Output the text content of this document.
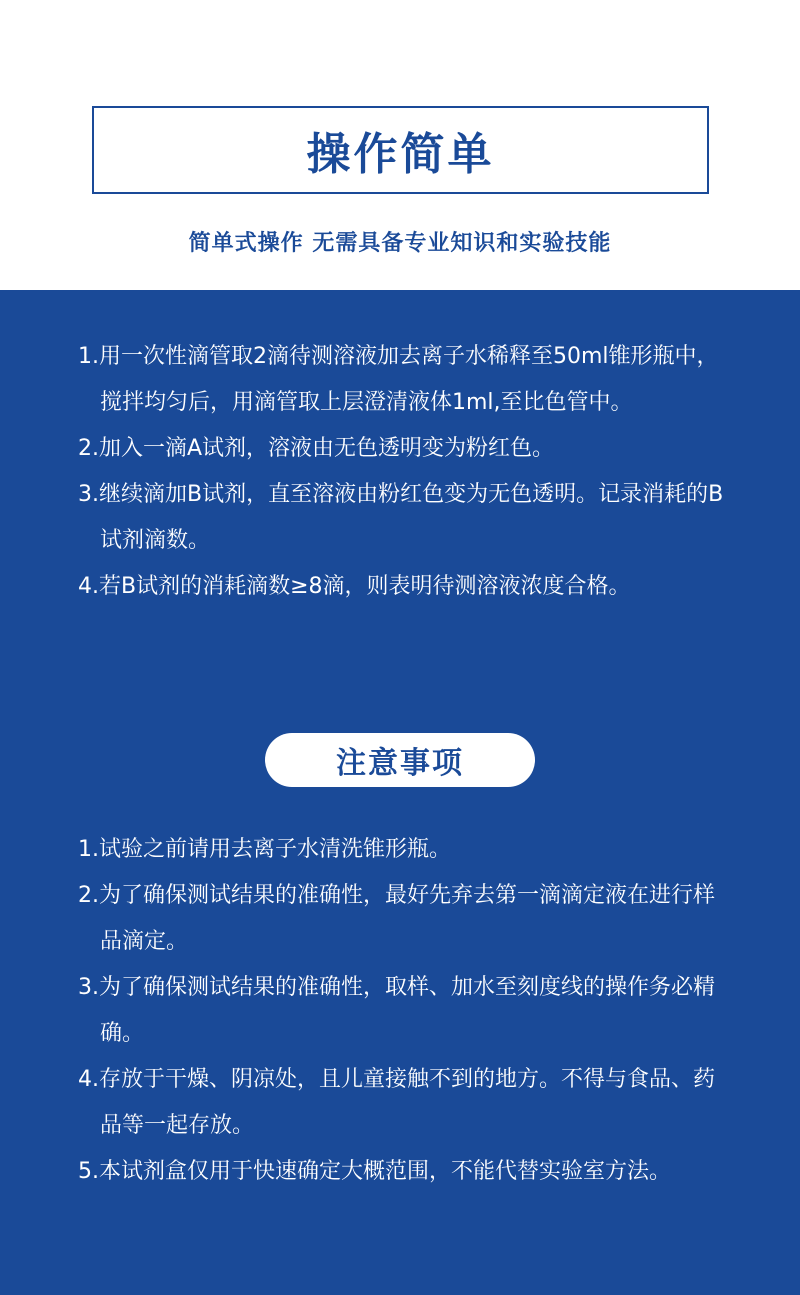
操作简单
简单式操作 无需具备专业知识和实验技能
1.用一次性滴管取2滴待测溶液加去离子水稀释至50ml锥形瓶中，搅拌均匀后，用滴管取上层澄清液体1ml,至比色管中。
2.加入一滴A试剂，溶液由无色透明变为粉红色。
3.继续滴加B试剂，直至溶液由粉红色变为无色透明。记录消耗的B试剂滴数。
4.若B试剂的消耗滴数≥8滴，则表明待测溶液浓度合格。
注意事项
1.试验之前请用去离子水清洗锥形瓶。
2.为了确保测试结果的准确性，最好先弃去第一滴滴定液在进行样品滴定。
3.为了确保测试结果的准确性，取样、加水至刻度线的操作务必精确。
4.存放于干燥、阴凉处，且儿童接触不到的地方。不得与食品、药品等一起存放。
5.本试剂盒仅用于快速确定大概范围，不能代替实验室方法。
